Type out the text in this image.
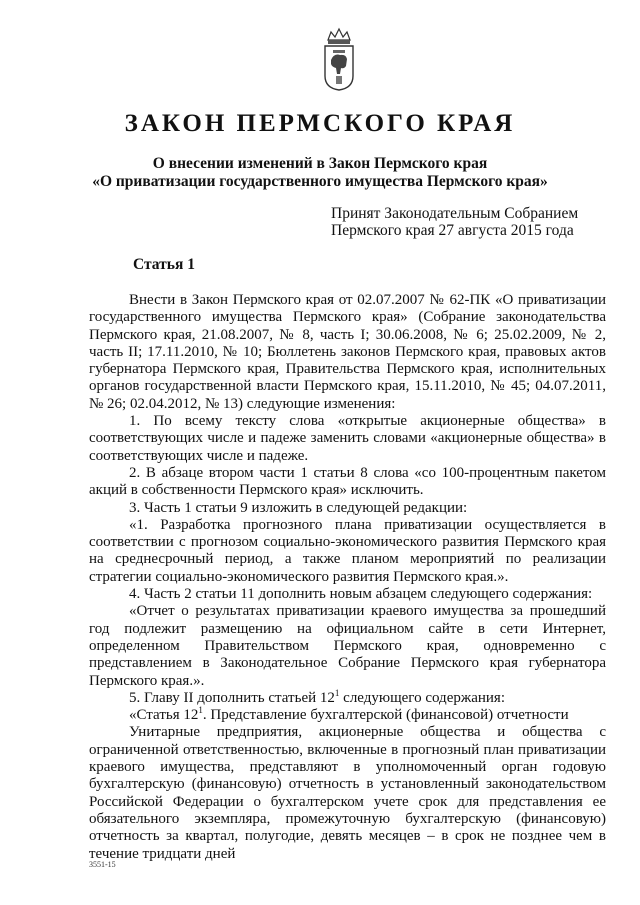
ЗАКОН ПЕРМСКОГО КРАЯ
О внесении изменений в Закон Пермского края
«О приватизации государственного имущества Пермского края»
Принят Законодательным Собранием
Пермского края 27 августа 2015 года
Статья 1

Внести в Закон Пермского края от 02.07.2007 № 62-ПК «О приватизации государственного имущества Пермского края» (Собрание законодательства Пермского края, 21.08.2007, № 8, часть I; 30.06.2008, № 6; 25.02.2009, № 2, часть II; 17.11.2010, № 10; Бюллетень законов Пермского края, правовых актов губернатора Пермского края, Правительства Пермского края, исполнительных органов государственной власти Пермского края, 15.11.2010, № 45; 04.07.2011, № 26; 02.04.2012, № 13) следующие изменения:

1. По всему тексту слова «открытые акционерные общества» в соответствующих числе и падеже заменить словами «акционерные общества» в соответствующих числе и падеже.

2. В абзаце втором части 1 статьи 8 слова «со 100-процентным пакетом акций в собственности Пермского края» исключить.

3. Часть 1 статьи 9 изложить в следующей редакции:

«1. Разработка прогнозного плана приватизации осуществляется в соответствии с прогнозом социально-экономического развития Пермского края на среднесрочный период, а также планом мероприятий по реализации стратегии социально-экономического развития Пермского края.».

4. Часть 2 статьи 11 дополнить новым абзацем следующего содержания:

«Отчет о результатах приватизации краевого имущества за прошедший год подлежит размещению на официальном сайте в сети Интернет, определенном Правительством Пермского края, одновременно с представлением в Законодательное Собрание Пермского края губернатора Пермского края.».

5. Главу II дополнить статьей $12^1$ следующего содержания:

«Статья $12^1$. Представление бухгалтерской (финансовой) отчетности

Унитарные предприятия, акционерные общества и общества с ограниченной ответственностью, включенные в прогнозный план приватизации краевого имущества, представляют в уполномоченный орган годовую бухгалтерскую (финансовую) отчетность в установленный законодательством Российской Федерации о бухгалтерском учете срок для представления ее обязательного экземпляра, промежуточную бухгалтерскую (финансовую) отчетность за квартал, полугодие, девять месяцев – в срок не позднее чем в течение тридцати дней

3551-15
